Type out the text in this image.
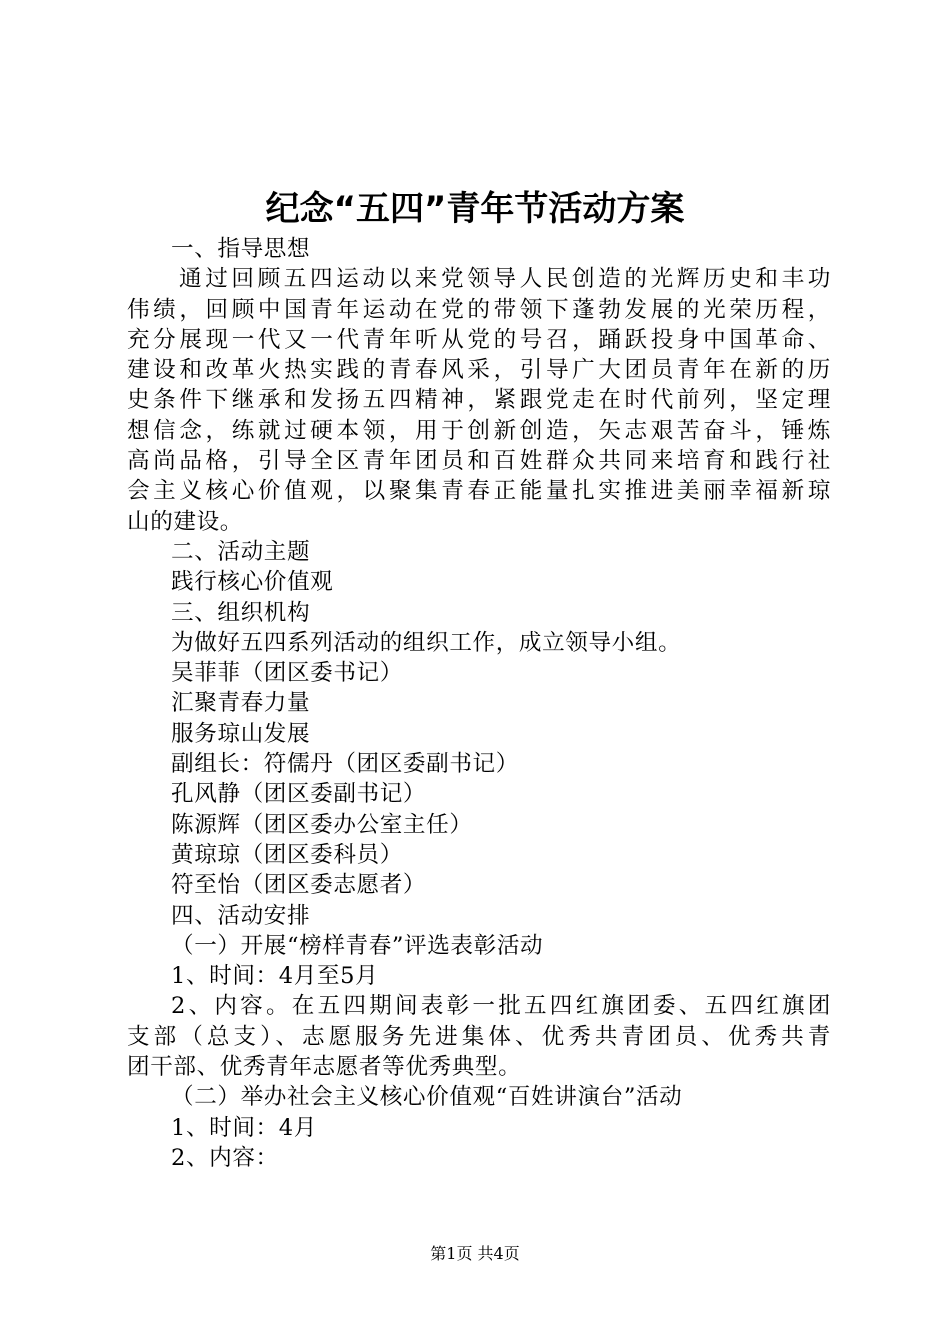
纪念“五四”青年节活动方案
一、指导思想
通过回顾五四运动以来党领导人民创造的光辉历史和丰功
伟绩，回顾中国青年运动在党的带领下蓬勃发展的光荣历程，
充分展现一代又一代青年听从党的号召，踊跃投身中国革命、
建设和改革火热实践的青春风采，引导广大团员青年在新的历
史条件下继承和发扬五四精神，紧跟党走在时代前列，坚定理
想信念，练就过硬本领，用于创新创造，矢志艰苦奋斗，锤炼
高尚品格，引导全区青年团员和百姓群众共同来培育和践行社
会主义核心价值观，以聚集青春正能量扎实推进美丽幸福新琼
山的建设。
二、活动主题
践行核心价值观
三、组织机构
为做好五四系列活动的组织工作，成立领导小组。
吴菲菲（团区委书记）
汇聚青春力量
服务琼山发展
副组长：符儒丹（团区委副书记）
孔风静（团区委副书记）
陈源辉（团区委办公室主任）
黄琼琼（团区委科员）
符至怡（团区委志愿者）
四、活动安排
（一）开展“榜样青春”评选表彰活动
1、时间：4月至5月
2、内容。在五四期间表彰一批五四红旗团委、五四红旗团
支部（总支）、志愿服务先进集体、优秀共青团员、优秀共青
团干部、优秀青年志愿者等优秀典型。
（二）举办社会主义核心价值观“百姓讲演台”活动
1、时间：4月
2、内容：
第1页 共4页
